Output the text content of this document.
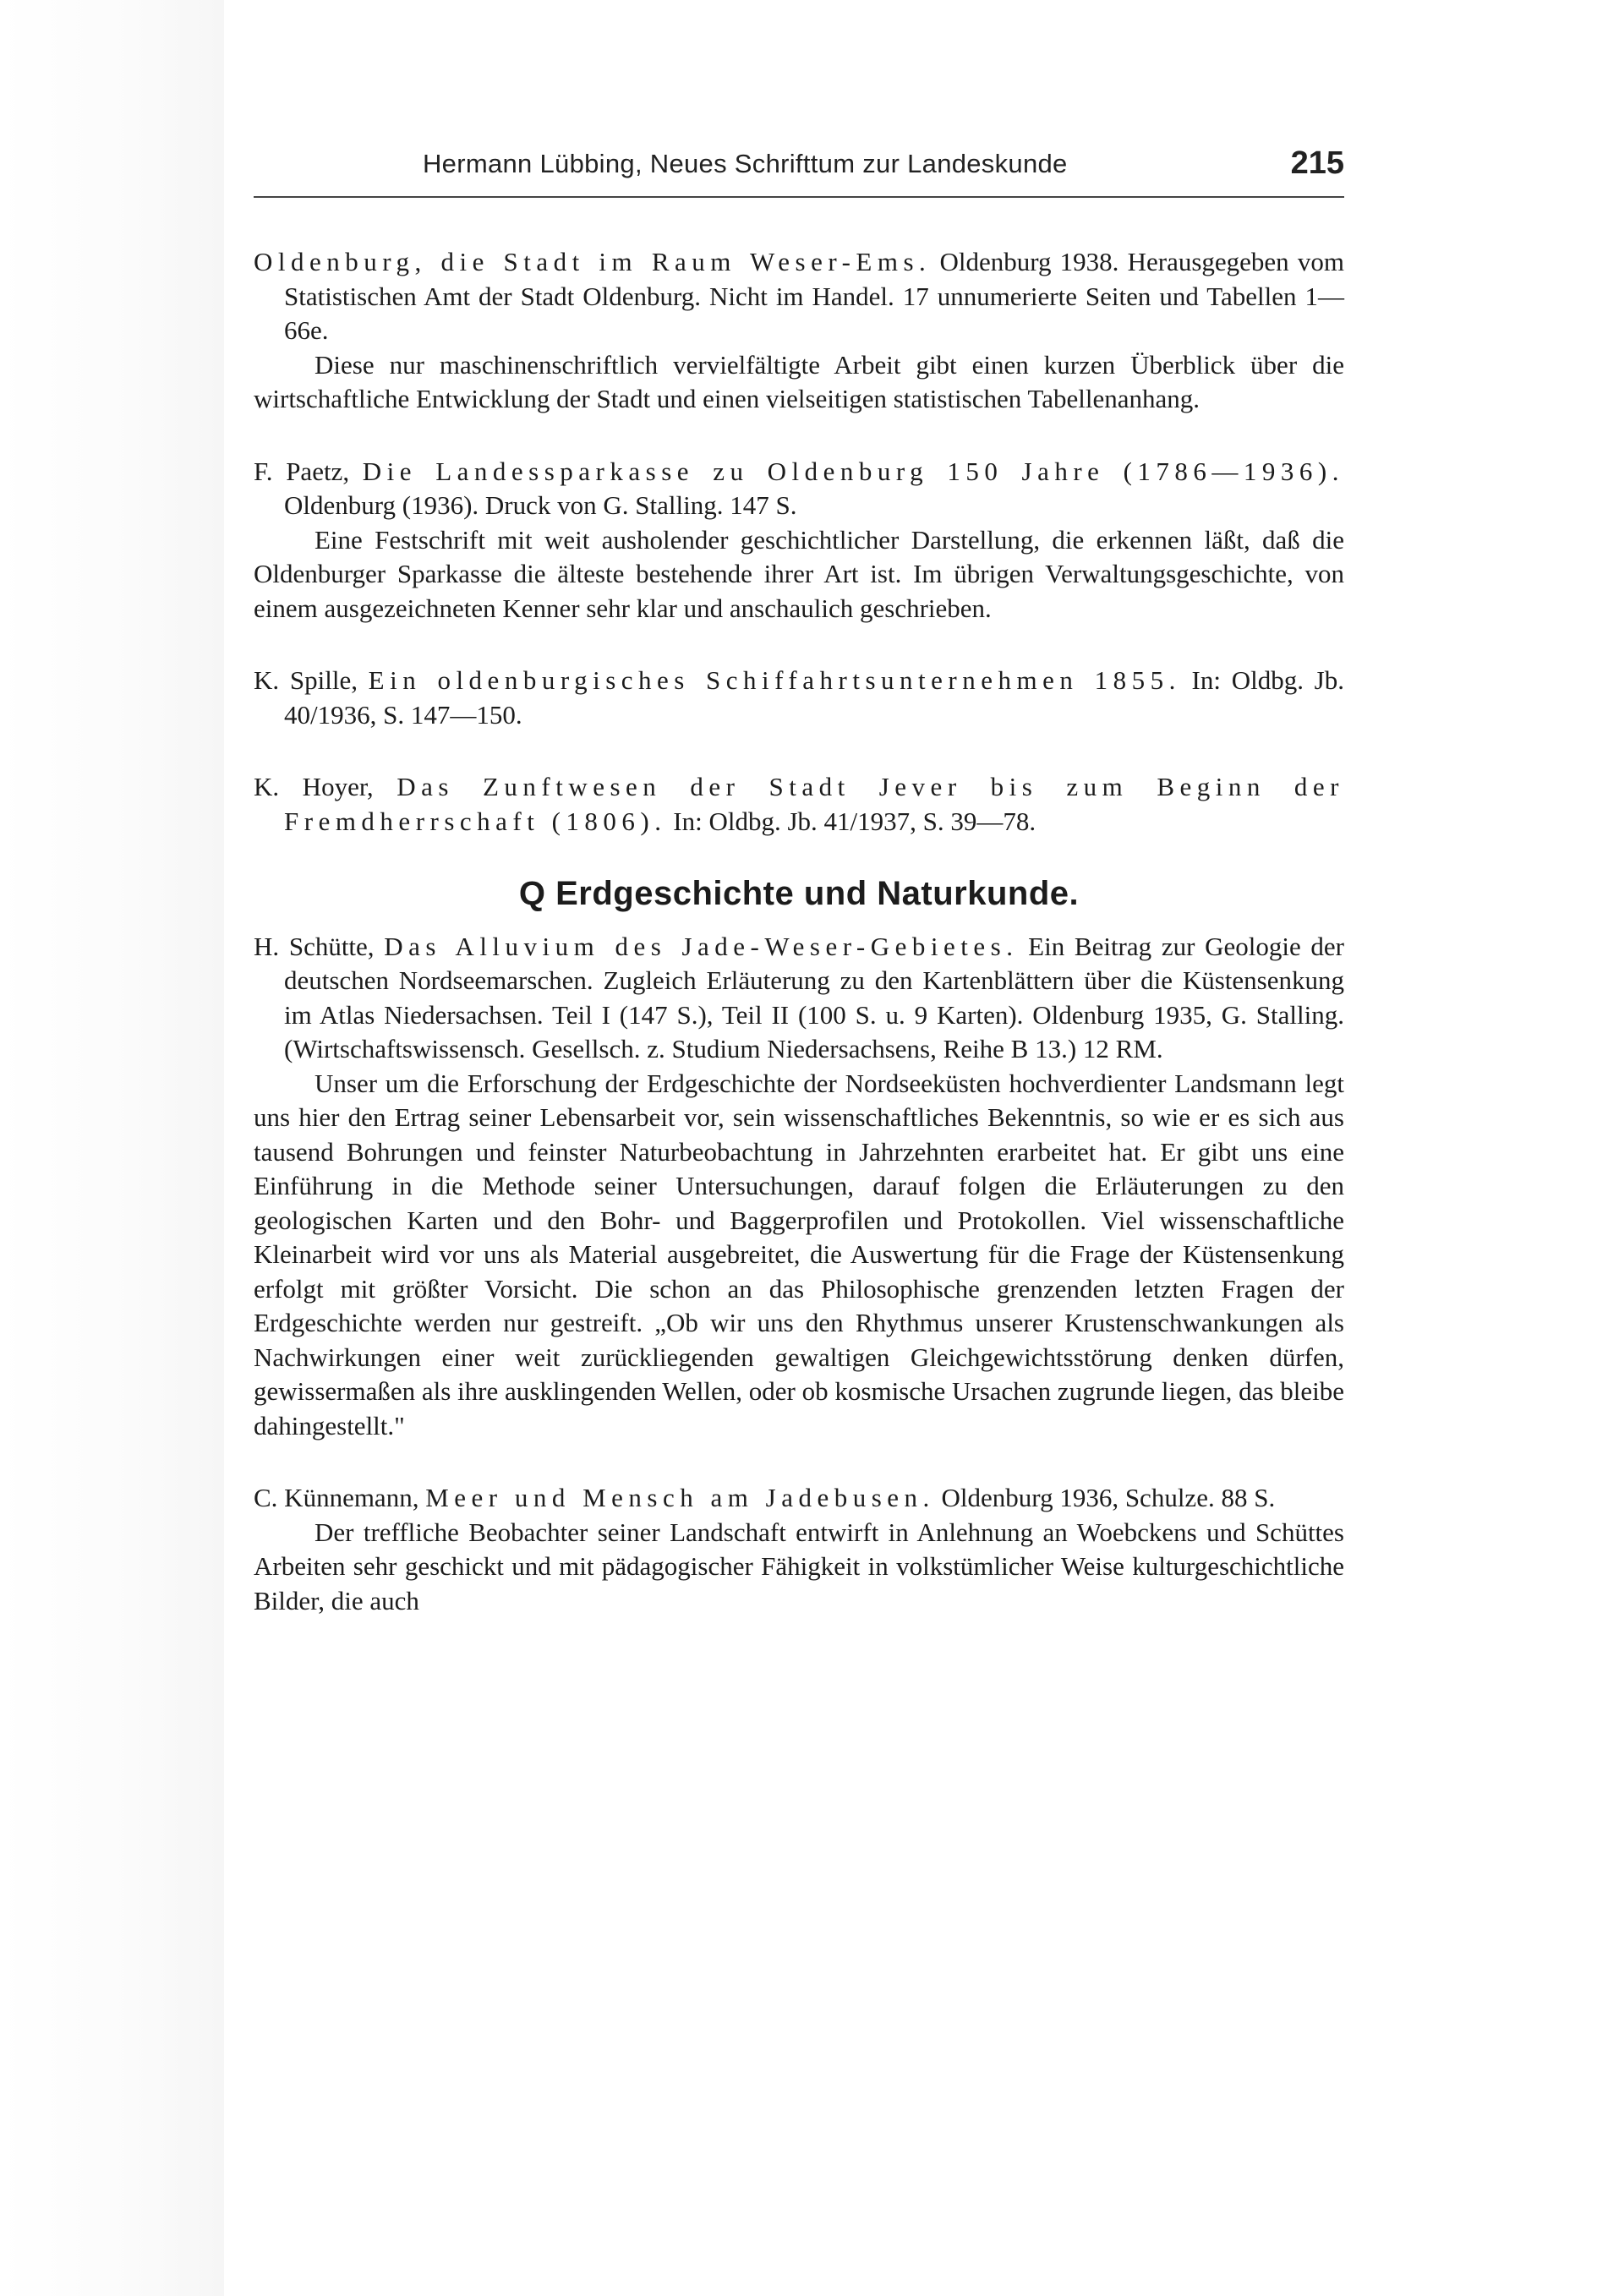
Hermann Lübbing, Neues Schrifttum zur Landeskunde	215

Oldenburg, die Stadt im Raum Weser-Ems. Oldenburg 1938. Herausgegeben vom Statistischen Amt der Stadt Oldenburg. Nicht im Handel. 17 unnumerierte Seiten und Tabellen 1—66e.

Diese nur maschinenschriftlich vervielfältigte Arbeit gibt einen kurzen Überblick über die wirtschaftliche Entwicklung der Stadt und einen vielseitigen statistischen Tabellenanhang.

F. Paetz, Die Landessparkasse zu Oldenburg 150 Jahre (1786—1936). Oldenburg (1936). Druck von G. Stalling. 147 S.

Eine Festschrift mit weit ausholender geschichtlicher Darstellung, die erkennen läßt, daß die Oldenburger Sparkasse die älteste bestehende ihrer Art ist. Im übrigen Verwaltungsgeschichte, von einem ausgezeichneten Kenner sehr klar und anschaulich geschrieben.

K. Spille, Ein oldenburgisches Schiffahrtsunternehmen 1855. In: Oldbg. Jb. 40/1936, S. 147—150.

K. Hoyer, Das Zunftwesen der Stadt Jever bis zum Beginn der Fremdherrschaft (1806). In: Oldbg. Jb. 41/1937, S. 39—78.

Q Erdgeschichte und Naturkunde.

H. Schütte, Das Alluvium des Jade-Weser-Gebietes. Ein Beitrag zur Geologie der deutschen Nordseemarschen. Zugleich Erläuterung zu den Kartenblättern über die Küstensenkung im Atlas Niedersachsen. Teil I (147 S.), Teil II (100 S. u. 9 Karten). Oldenburg 1935, G. Stalling. (Wirtschaftswissensch. Gesellsch. z. Studium Niedersachsens, Reihe B 13.) 12 RM.

Unser um die Erforschung der Erdgeschichte der Nordseeküsten hochverdienter Landsmann legt uns hier den Ertrag seiner Lebensarbeit vor, sein wissenschaftliches Bekenntnis, so wie er es sich aus tausend Bohrungen und feinster Naturbeobachtung in Jahrzehnten erarbeitet hat. Er gibt uns eine Einführung in die Methode seiner Untersuchungen, darauf folgen die Erläuterungen zu den geologischen Karten und den Bohr- und Baggerprofilen und Protokollen. Viel wissenschaftliche Kleinarbeit wird vor uns als Material ausgebreitet, die Auswertung für die Frage der Küstensenkung erfolgt mit größter Vorsicht. Die schon an das Philosophische grenzenden letzten Fragen der Erdgeschichte werden nur gestreift. „Ob wir uns den Rhythmus unserer Krustenschwankungen als Nachwirkungen einer weit zurückliegenden gewaltigen Gleichgewichtsstörung denken dürfen, gewissermaßen als ihre ausklingenden Wellen, oder ob kosmische Ursachen zugrunde liegen, das bleibe dahingestellt."

C. Künnemann, Meer und Mensch am Jadebusen. Oldenburg 1936, Schulze. 88 S.

Der treffliche Beobachter seiner Landschaft entwirft in Anlehnung an Woebckens und Schüttes Arbeiten sehr geschickt und mit pädagogischer Fähigkeit in volkstümlicher Weise kulturgeschichtliche Bilder, die auch
